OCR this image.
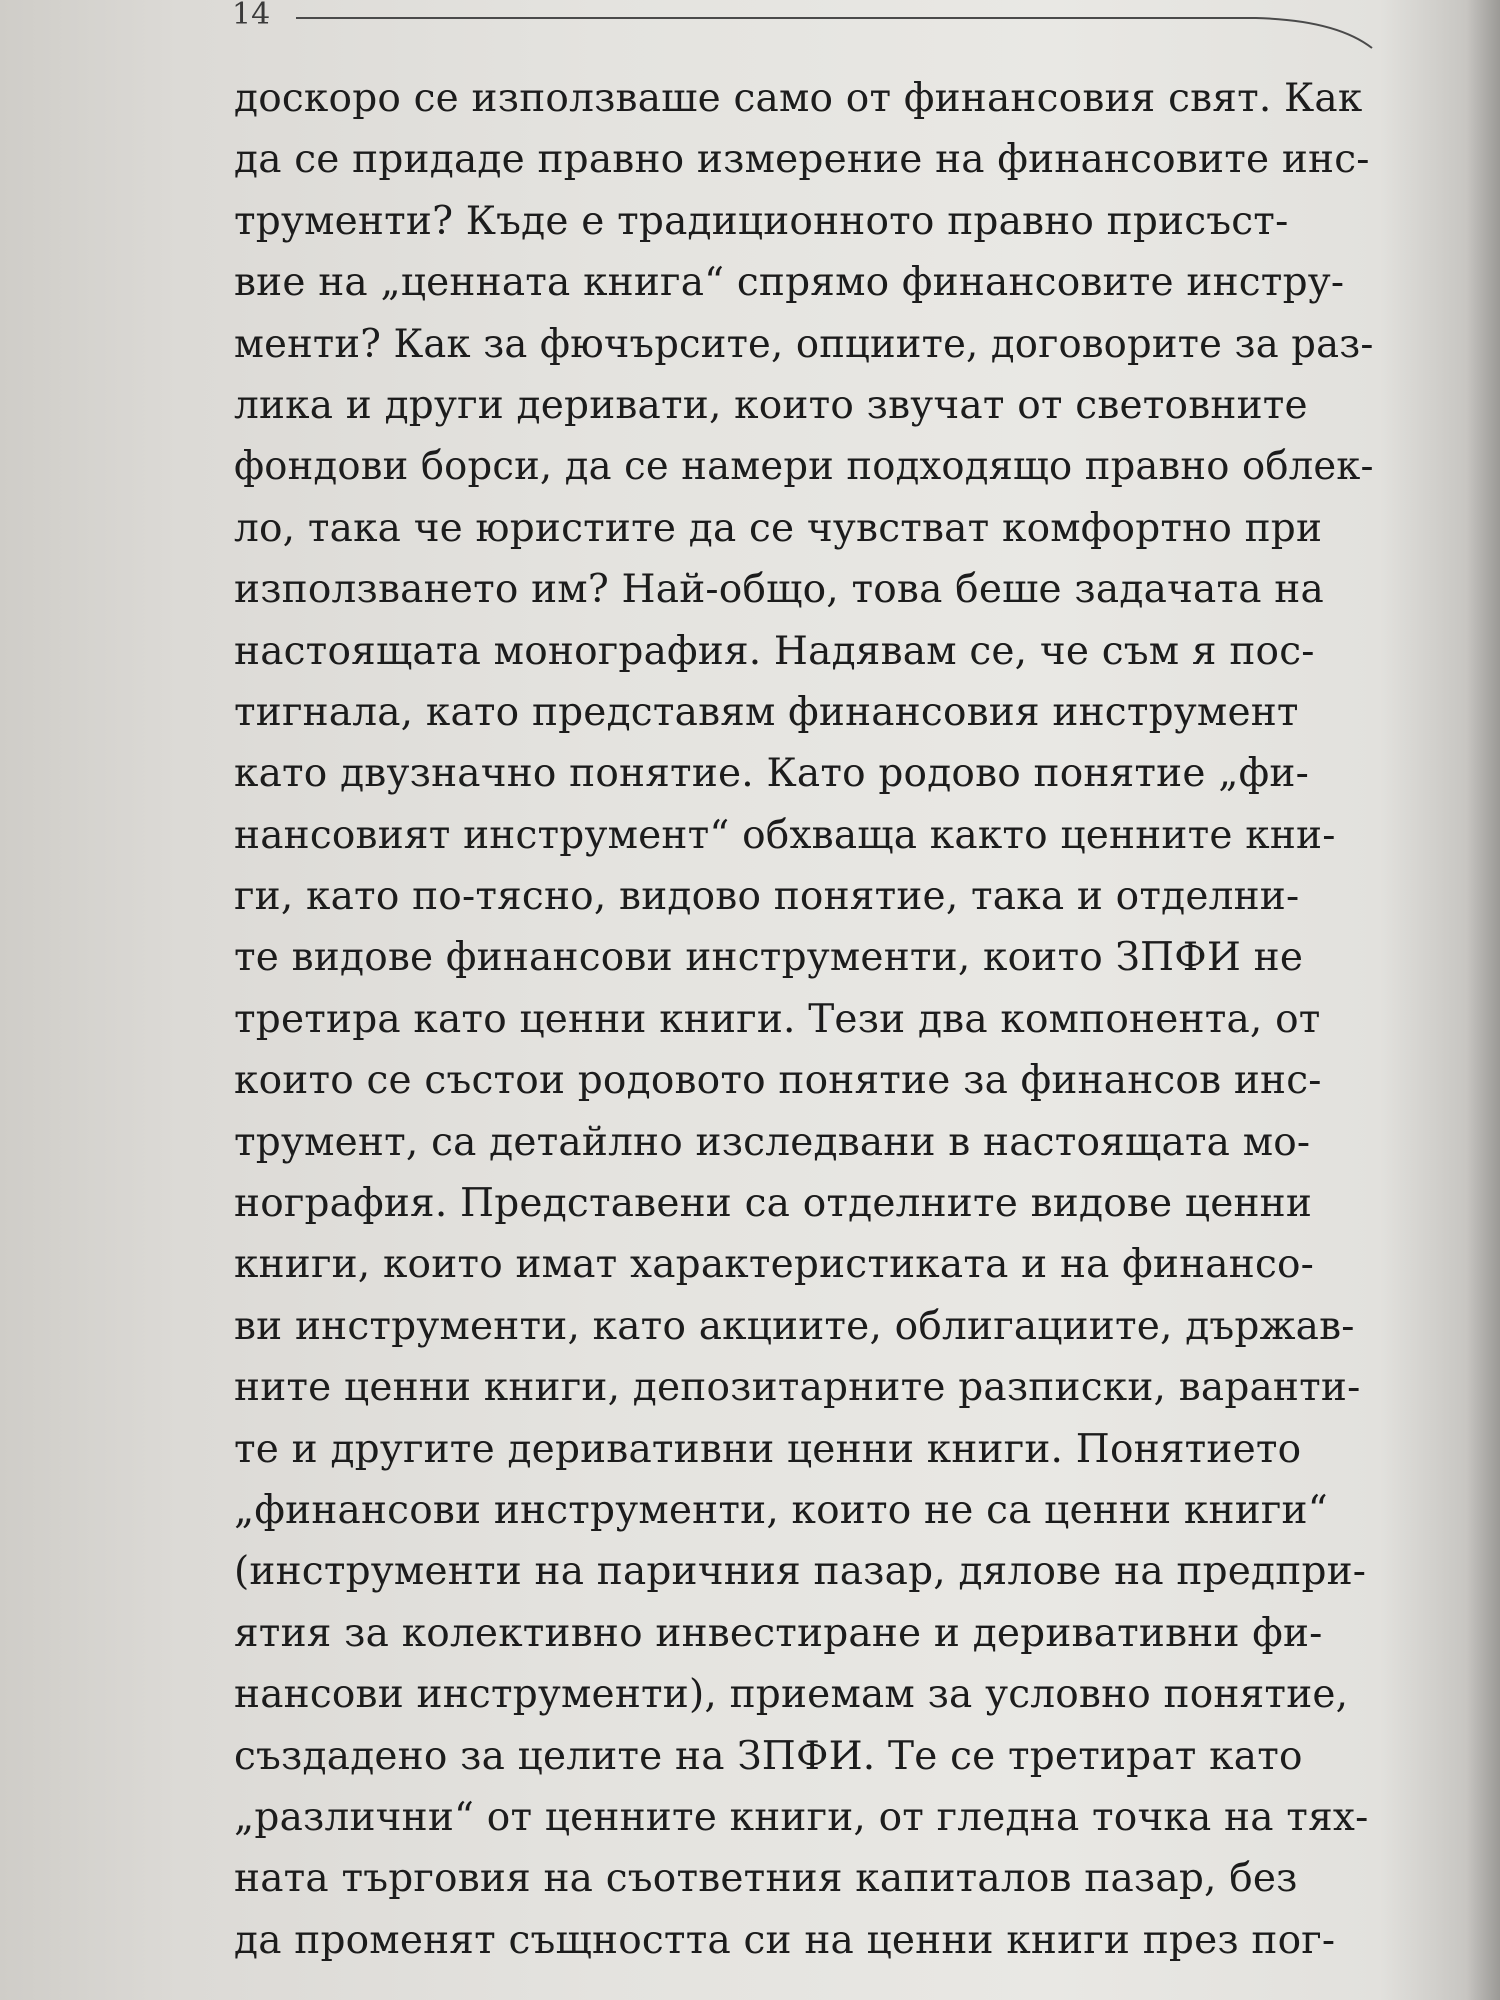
14
доскоро се използваше само от финансовия свят. Как
да се придаде правно измерение на финансовите инс-
трументи? Къде е традиционното правно присъст-
вие на „ценната книга“ спрямо финансовите инстру-
менти? Как за фючърсите, опциите, договорите за раз-
лика и други деривати, които звучат от световните
фондови борси, да се намери подходящо правно облек-
ло, така че юристите да се чувстват комфортно при
използването им? Най-общо, това беше задачата на
настоящата монография. Надявам се, че съм я пос-
тигнала, като представям финансовия инструмент
като двузначно понятие. Като родово понятие „фи-
нансовият инструмент“ обхваща както ценните кни-
ги, като по-тясно, видово понятие, така и отделни-
те видове финансови инструменти, които ЗПФИ не
третира като ценни книги. Тези два компонента, от
които се състои родовото понятие за финансов инс-
трумент, са детайлно изследвани в настоящата мо-
нография. Представени са отделните видове ценни
книги, които имат характеристиката и на финансо-
ви инструменти, като акциите, облигациите, държав-
ните ценни книги, депозитарните разписки, варанти-
те и другите деривативни ценни книги. Понятието
„финансови инструменти, които не са ценни книги“
(инструменти на паричния пазар, дялове на предпри-
ятия за колективно инвестиране и деривативни фи-
нансови инструменти), приемам за условно понятие,
създадено за целите на ЗПФИ. Те се третират като
„различни“ от ценните книги, от гледна точка на тях-
ната търговия на съответния капиталов пазар, без
да променят същността си на ценни книги през пог-
